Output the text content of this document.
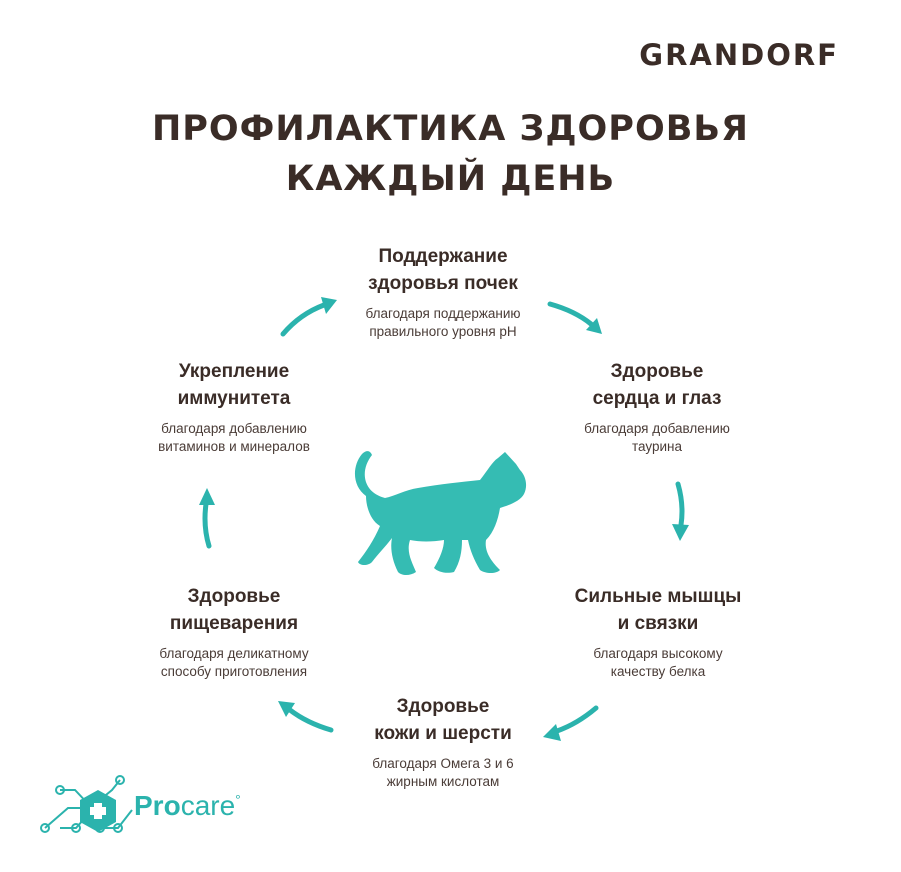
GRANDORF
ПРОФИЛАКТИКА ЗДОРОВЬЯ
КАЖДЫЙ ДЕНЬ
Поддержание
здоровья почек
благодаря поддержанию
правильного уровня pH
Здоровье
сердца и глаз
благодаря добавлению
таурина
Сильные мышцы
и связки
благодаря высокому
качеству белка
Здоровье
кожи и шерсти
благодаря Омега 3 и 6
жирным кислотам
Здоровье
пищеварения
благодаря деликатному
способу приготовления
Укрепление
иммунитета
благодаря добавлению
витаминов и минералов
Procare°
